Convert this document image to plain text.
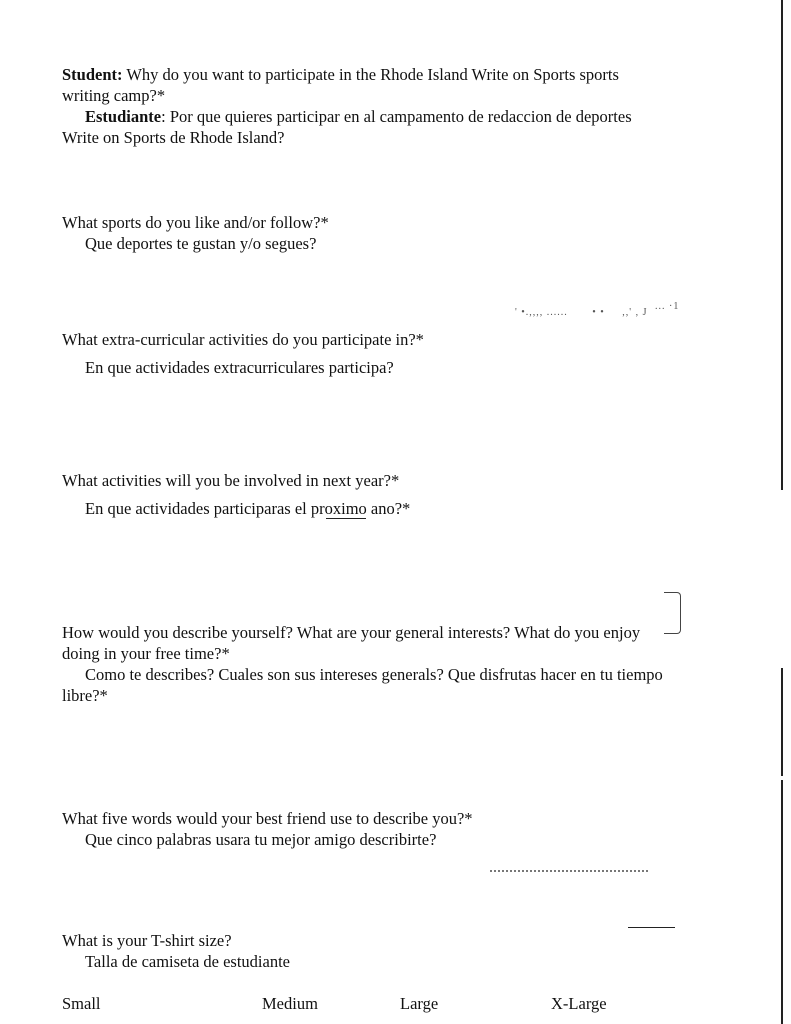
' •.,,,, ......       • •     ,,' , J
... ·1
Student: Why do you want to participate in the Rhode Island Write on Sports sports
writing camp?*
Estudiante: Por que quieres participar en al campamento de redaccion de deportes
Write on Sports de Rhode Island?
What sports do you like and/or follow?*
Que deportes te gustan y/o segues?
What extra-curricular activities do you participate in?*
En que actividades extracurriculares participa?
What activities will you be involved in next year?*
En que actividades participaras el proximo ano?*
How would you describe yourself? What are your general interests? What do you enjoy
doing in your free time?*
Como te describes? Cuales son sus intereses generals? Que disfrutas hacer en tu tiempo
libre?*
What five words would your best friend use to describe you?*
Que cinco palabras usara tu mejor amigo describirte?
What is your T-shirt size?
Talla de camiseta de estudiante
Small	Medium	Large	X-Large
